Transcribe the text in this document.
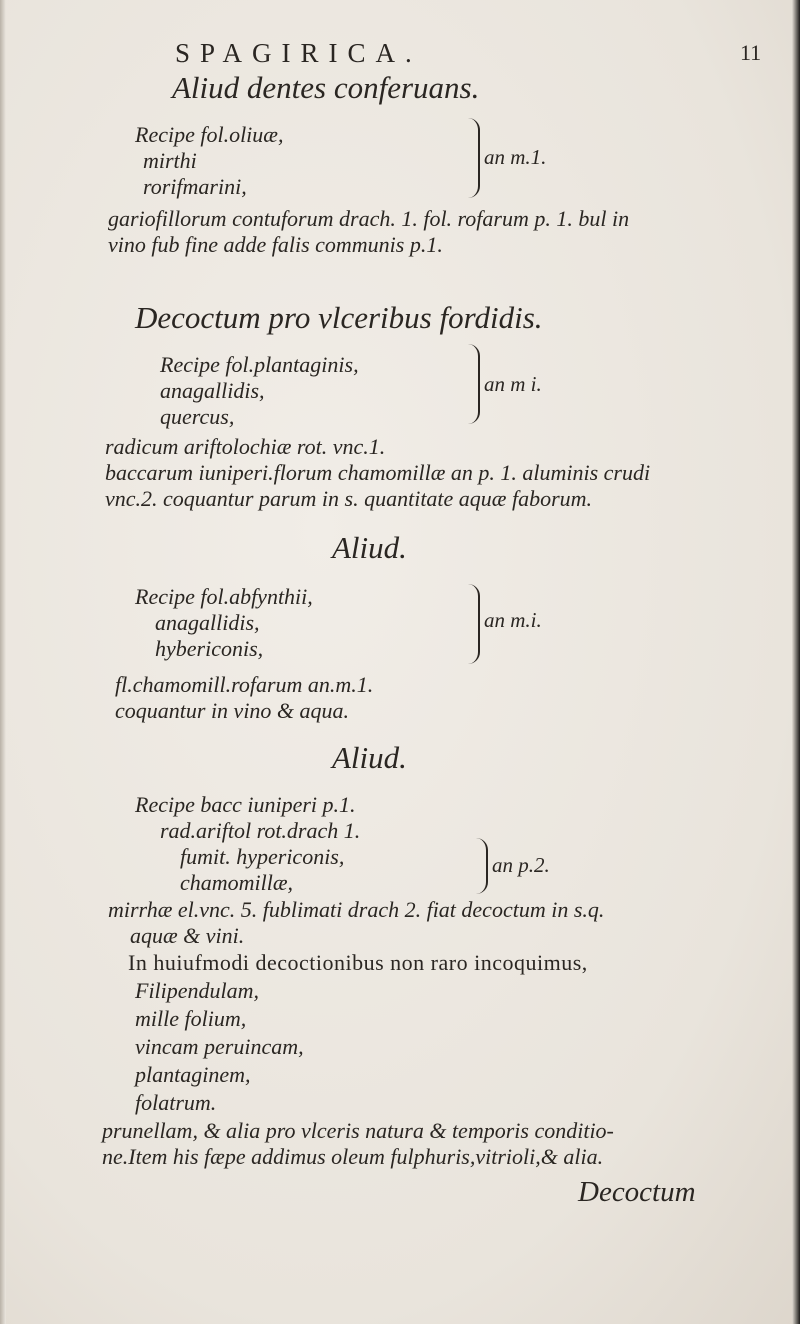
SPAGIRICA.	11
Aliud dentes conferuans.
Recipe fol.oliuæ,
mirthi
rorifmarini,
an m.1.
gariofillorum contuforum drach. 1. fol. rofarum p. 1. bul in
vino fub fine adde falis communis p.1.
Decoctum pro vlceribus fordidis.
Recipe fol.plantaginis,
anagallidis,
quercus,
an m i.
radicum ariftolochiæ rot. vnc.1.
baccarum iuniperi.florum chamomillæ an p. 1. aluminis crudi
vnc.2. coquantur parum in s. quantitate aquæ faborum.
Aliud.
Recipe fol.abfynthii,
anagallidis,
hybericonis,
an m.i.
fl.chamomill.rofarum an.m.1.
coquantur in vino & aqua.
Aliud.
Recipe bacc iuniperi p.1.
rad.ariftol rot.drach 1.
fumit. hypericonis,
chamomillæ,
an p.2.
mirrhæ el.vnc. 5. fublimati drach 2. fiat decoctum in s.q.
aquæ & vini.
In huiufmodi decoctionibus non raro incoquimus,
Filipendulam,
mille folium,
vincam peruincam,
plantaginem,
folatrum.
prunellam, & alia pro vlceris natura & temporis conditio-
ne.Item his fæpe addimus oleum fulphuris,vitrioli,& alia.
Decoctum
